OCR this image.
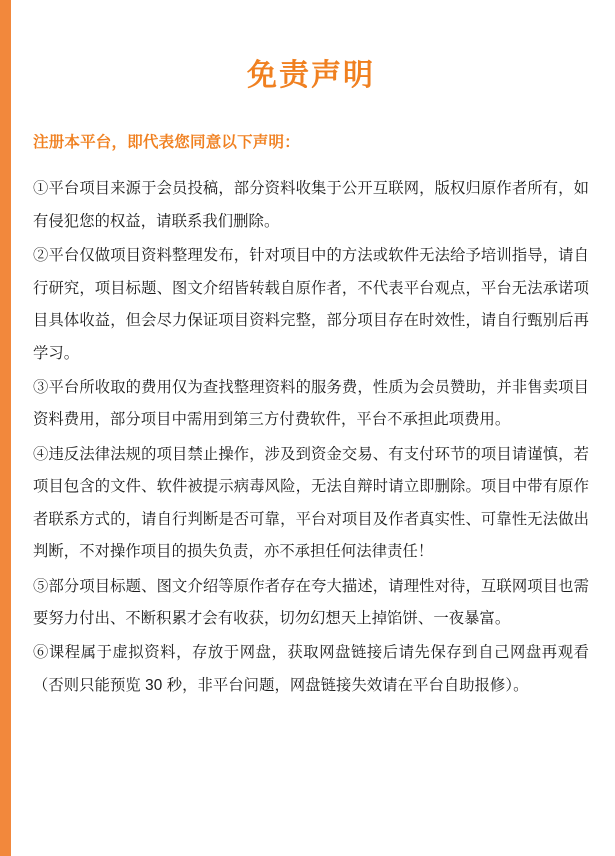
免责声明

注册本平台，即代表您同意以下声明：

①平台项目来源于会员投稿，部分资料收集于公开互联网，版权归原作者所有，如有侵犯您的权益，请联系我们删除。

②平台仅做项目资料整理发布，针对项目中的方法或软件无法给予培训指导，请自行研究，项目标题、图文介绍皆转载自原作者，不代表平台观点，平台无法承诺项目具体收益，但会尽力保证项目资料完整，部分项目存在时效性，请自行甄别后再学习。

③平台所收取的费用仅为查找整理资料的服务费，性质为会员赞助，并非售卖项目资料费用，部分项目中需用到第三方付费软件，平台不承担此项费用。

④违反法律法规的项目禁止操作，涉及到资金交易、有支付环节的项目请谨慎，若项目包含的文件、软件被提示病毒风险，无法自辩时请立即删除。项目中带有原作者联系方式的，请自行判断是否可靠，平台对项目及作者真实性、可靠性无法做出判断，不对操作项目的损失负责，亦不承担任何法律责任！

⑤部分项目标题、图文介绍等原作者存在夸大描述，请理性对待，互联网项目也需要努力付出、不断积累才会有收获，切勿幻想天上掉馅饼、一夜暴富。

⑥课程属于虚拟资料，存放于网盘，获取网盘链接后请先保存到自己网盘再观看（否则只能预览 30 秒，非平台问题，网盘链接失效请在平台自助报修）。
